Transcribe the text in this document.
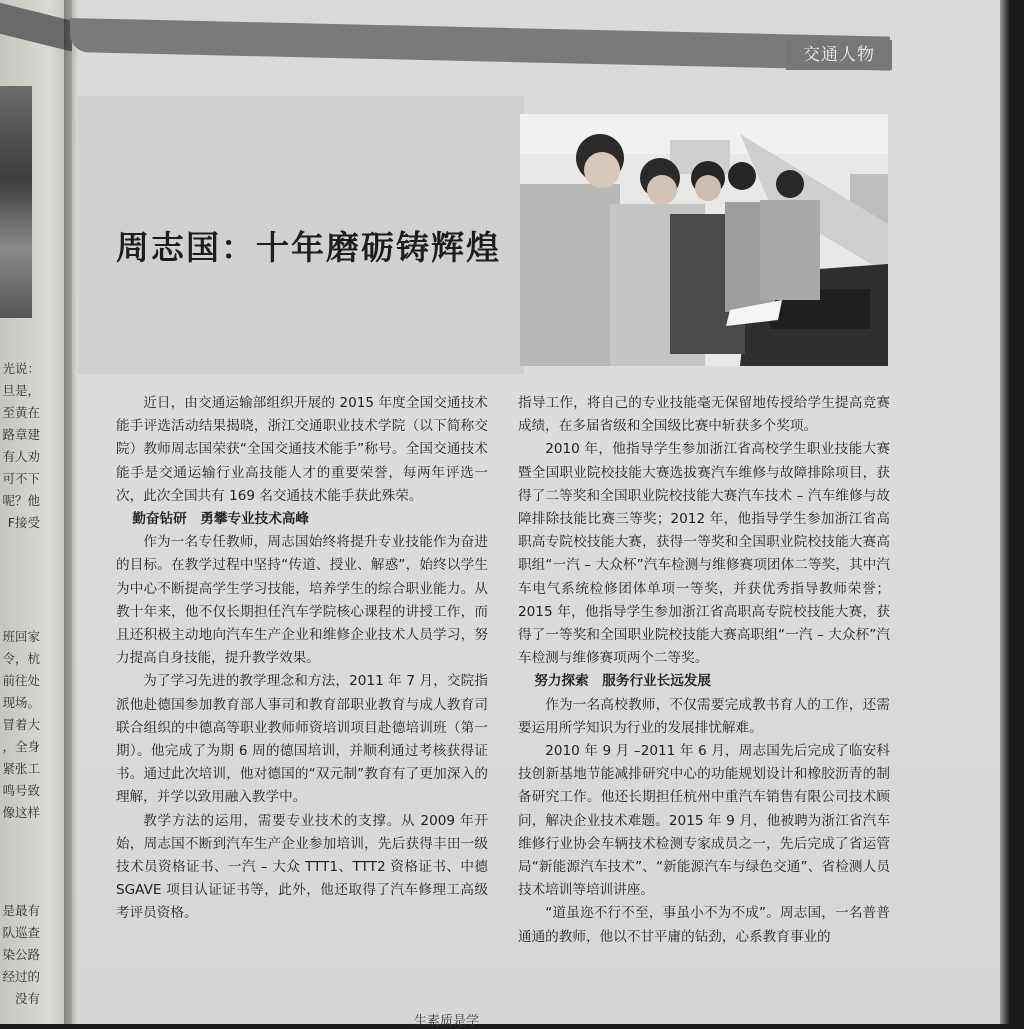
光说：
旦是，
至黄在
路章建
有人劝
可不下
呢？他
F接受
班回家
令，杭
前往处
现场。
冒着大
，全身
紧张工
鸣号致
像这样
是最有
队巡查
染公路
经过的
没有
交通人物
周志国：十年磨砺铸辉煌

近日，由交通运输部组织开展的 2015 年度全国交通技术能手评选活动结果揭晓，浙江交通职业技术学院（以下简称交院）教师周志国荣获“全国交通技术能手”称号。全国交通技术能手是交通运输行业高技能人才的重要荣誉，每两年评选一次，此次全国共有 169 名交通技术能手获此殊荣。

勤奋钻研　勇攀专业技术高峰

作为一名专任教师，周志国始终将提升专业技能作为奋进的目标。在教学过程中坚持“传道、授业、解惑”，始终以学生为中心不断提高学生学习技能，培养学生的综合职业能力。从教十年来，他不仅长期担任汽车学院核心课程的讲授工作，而且还积极主动地向汽车生产企业和维修企业技术人员学习，努力提高自身技能，提升教学效果。

为了学习先进的教学理念和方法，2011 年 7 月，交院指派他赴德国参加教育部人事司和教育部职业教育与成人教育司联合组织的中德高等职业教师师资培训项目赴德培训班（第一期）。他完成了为期 6 周的德国培训，并顺利通过考核获得证书。通过此次培训，他对德国的“双元制”教育有了更加深入的理解，并学以致用融入教学中。

教学方法的运用，需要专业技术的支撑。从 2009 年开始，周志国不断到汽车生产企业参加培训，先后获得丰田一级技术员资格证书、一汽 – 大众 TTT1、TTT2 资格证书、中德 SGAVE 项目认证证书等，此外，他还取得了汽车修理工高级考评员资格。

指导工作，将自己的专业技能毫无保留地传授给学生提高竞赛成绩，在多届省级和全国级比赛中斩获多个奖项。

2010 年，他指导学生参加浙江省高校学生职业技能大赛暨全国职业院校技能大赛选拔赛汽车维修与故障排除项目，获得了二等奖和全国职业院校技能大赛汽车技术 – 汽车维修与故障排除技能比赛三等奖；2012 年，他指导学生参加浙江省高职高专院校技能大赛，获得一等奖和全国职业院校技能大赛高职组“一汽 – 大众杯”汽车检测与维修赛项团体二等奖，其中汽车电气系统检修团体单项一等奖，并获优秀指导教师荣誉；2015 年，他指导学生参加浙江省高职高专院校技能大赛，获得了一等奖和全国职业院校技能大赛高职组“一汽 – 大众杯”汽车检测与维修赛项两个二等奖。

努力探索　服务行业长远发展

作为一名高校教师，不仅需要完成教书育人的工作，还需要运用所学知识为行业的发展排忧解难。

2010 年 9 月 –2011 年 6 月，周志国先后完成了临安科技创新基地节能减排研究中心的功能规划设计和橡胶沥青的制备研究工作。他还长期担任杭州中重汽车销售有限公司技术顾问，解决企业技术难题。2015 年 9 月，他被聘为浙江省汽车维修行业协会车辆技术检测专家成员之一，先后完成了省运管局“新能源汽车技术”、“新能源汽车与绿色交通”、省检测人员技术培训等培训讲座。

“道虽迩不行不至，事虽小不为不成”。周志国，一名普普通通的教师，他以不甘平庸的钻劲，心系教育事业的

生素质是学
